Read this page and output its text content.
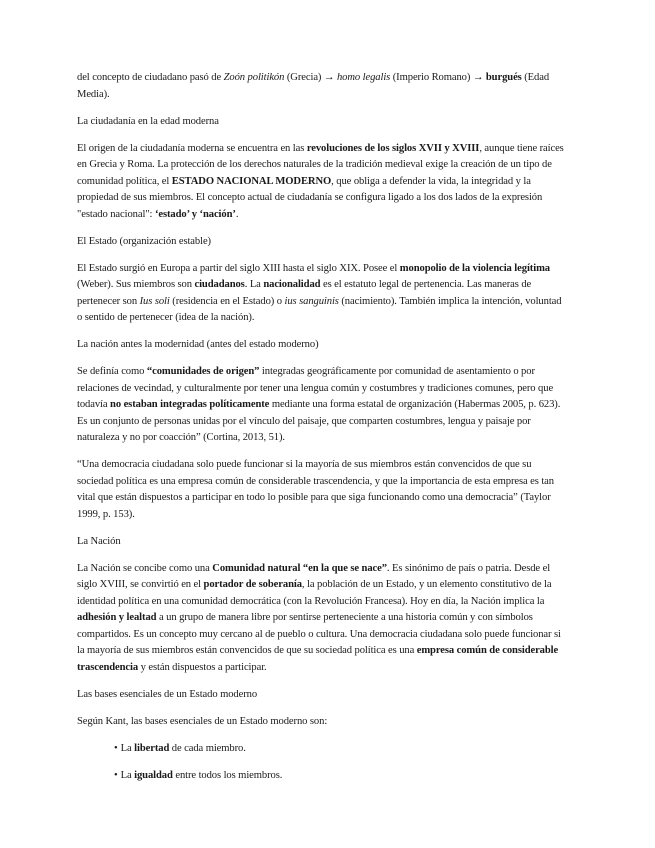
del concepto de ciudadano pasó de Zoón politikón (Grecia) → homo legalis (Imperio Romano) → burgués (Edad Media).

La ciudadanía en la edad moderna

El origen de la ciudadanía moderna se encuentra en las revoluciones de los siglos XVII y XVIII, aunque tiene raíces en Grecia y Roma. La protección de los derechos naturales de la tradición medieval exige la creación de un tipo de comunidad política, el ESTADO NACIONAL MODERNO, que obliga a defender la vida, la integridad y la propiedad de sus miembros. El concepto actual de ciudadanía se configura ligado a los dos lados de la expresión "estado nacional": ‘estado’ y ‘nación’.

El Estado (organización estable)

El Estado surgió en Europa a partir del siglo XIII hasta el siglo XIX. Posee el monopolio de la violencia legítima (Weber). Sus miembros son ciudadanos. La nacionalidad es el estatuto legal de pertenencia. Las maneras de pertenecer son Ius soli (residencia en el Estado) o ius sanguinis (nacimiento). También implica la intención, voluntad o sentido de pertenecer (idea de la nación).

La nación antes la modernidad (antes del estado moderno)

Se definía como “comunidades de origen” integradas geográficamente por comunidad de asentamiento o por relaciones de vecindad, y culturalmente por tener una lengua común y costumbres y tradiciones comunes, pero que todavía no estaban integradas políticamente mediante una forma estatal de organización (Habermas 2005, p. 623). Es un conjunto de personas unidas por el vínculo del paisaje, que comparten costumbres, lengua y paisaje por naturaleza y no por coacción” (Cortina, 2013, 51).

“Una democracia ciudadana solo puede funcionar si la mayoría de sus miembros están convencidos de que su sociedad política es una empresa común de considerable trascendencia, y que la importancia de esta empresa es tan vital que están dispuestos a participar en todo lo posible para que siga funcionando como una democracia” (Taylor 1999, p. 153).

La Nación

La Nación se concibe como una Comunidad natural “en la que se nace”. Es sinónimo de país o patria. Desde el siglo XVIII, se convirtió en el portador de soberanía, la población de un Estado, y un elemento constitutivo de la identidad política en una comunidad democrática (con la Revolución Francesa). Hoy en día, la Nación implica la adhesión y lealtad a un grupo de manera libre por sentirse perteneciente a una historia común y con símbolos compartidos. Es un concepto muy cercano al de pueblo o cultura. Una democracia ciudadana solo puede funcionar si la mayoría de sus miembros están convencidos de que su sociedad política es una empresa común de considerable trascendencia y están dispuestos a participar.

Las bases esenciales de un Estado moderno

Según Kant, las bases esenciales de un Estado moderno son:

• La libertad de cada miembro.
• La igualdad entre todos los miembros.
